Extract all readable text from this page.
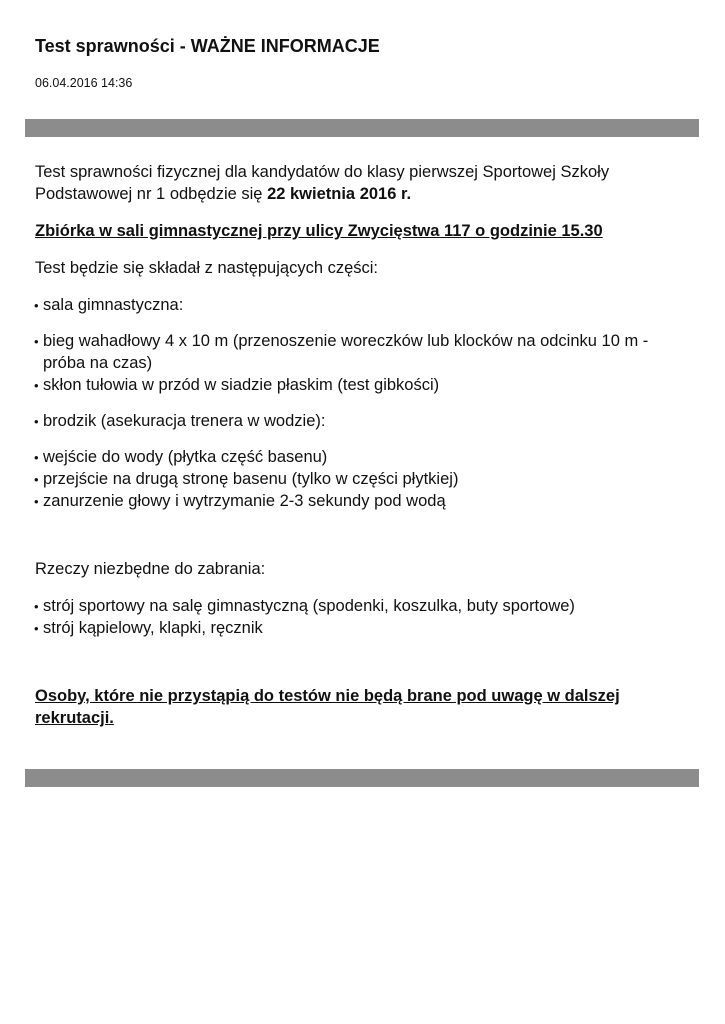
Test sprawności - WAŻNE INFORMACJE
06.04.2016 14:36

Test sprawności fizycznej dla kandydatów do klasy pierwszej Sportowej Szkoły Podstawowej nr 1 odbędzie się 22 kwietnia 2016 r.

Zbiórka w sali gimnastycznej przy ulicy Zwycięstwa 117 o godzinie 15.30

Test będzie się składał z następujących części:

• sala gimnastyczna:
• bieg wahadłowy 4 x 10 m (przenoszenie woreczków lub klocków na odcinku 10 m - próba na czas)
• skłon tułowia w przód w siadzie płaskim (test gibkości)
• brodzik (asekuracja trenera w wodzie):
• wejście do wody (płytka część basenu)
• przejście na drugą stronę basenu (tylko w części płytkiej)
• zanurzenie głowy i wytrzymanie 2-3 sekundy pod wodą

Rzeczy niezbędne do zabrania:

• strój sportowy na salę gimnastyczną (spodenki, koszulka, buty sportowe)
• strój kąpielowy, klapki, ręcznik

Osoby, które nie przystąpią do testów nie będą brane pod uwagę w dalszej rekrutacji.
